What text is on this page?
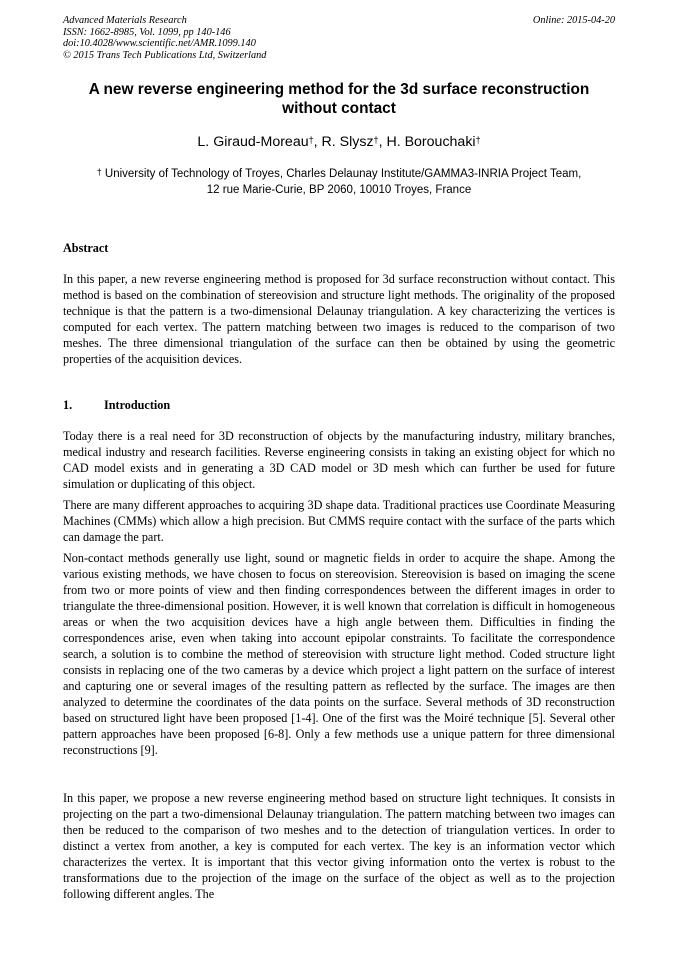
Advanced Materials Research
ISSN: 1662-8985, Vol. 1099, pp 140-146
doi:10.4028/www.scientific.net/AMR.1099.140
© 2015 Trans Tech Publications Ltd, Switzerland
Online: 2015-04-20
A new reverse engineering method for the 3d surface reconstruction without contact
L. Giraud-Moreau†, R. Slysz†, H. Borouchaki†
† University of Technology of Troyes, Charles Delaunay Institute/GAMMA3-INRIA Project Team,
12 rue Marie-Curie, BP 2060, 10010 Troyes, France
Abstract

In this paper, a new reverse engineering method is proposed for 3d surface reconstruction without contact. This method is based on the combination of stereovision and structure light methods. The originality of the proposed technique is that the pattern is a two-dimensional Delaunay triangulation. A key characterizing the vertices is computed for each vertex. The pattern matching between two images is reduced to the comparison of two meshes. The three dimensional triangulation of the surface can then be obtained by using the geometric properties of the acquisition devices.

1.	Introduction

Today there is a real need for 3D reconstruction of objects by the manufacturing industry, military branches, medical industry and research facilities. Reverse engineering consists in taking an existing object for which no CAD model exists and in generating a 3D CAD model or 3D mesh which can further be used for future simulation or duplicating of this object.

There are many different approaches to acquiring 3D shape data. Traditional practices use Coordinate Measuring Machines (CMMs) which allow a high precision. But CMMS require contact with the surface of the parts which can damage the part.

Non-contact methods generally use light, sound or magnetic fields in order to acquire the shape. Among the various existing methods, we have chosen to focus on stereovision. Stereovision is based on imaging the scene from two or more points of view and then finding correspondences between the different images in order to triangulate the three-dimensional position. However, it is well known that correlation is difficult in homogeneous areas or when the two acquisition devices have a high angle between them. Difficulties in finding the correspondences arise, even when taking into account epipolar constraints. To facilitate the correspondence search, a solution is to combine the method of stereovision with structure light method. Coded structure light consists in replacing one of the two cameras by a device which project a light pattern on the surface of interest and capturing one or several images of the resulting pattern as reflected by the surface. The images are then analyzed to determine the coordinates of the data points on the surface. Several methods of 3D reconstruction based on structured light have been proposed [1-4]. One of the first was the Moiré technique [5]. Several other pattern approaches have been proposed [6-8]. Only a few methods use a unique pattern for three dimensional reconstructions [9].

In this paper, we propose a new reverse engineering method based on structure light techniques. It consists in projecting on the part a two-dimensional Delaunay triangulation. The pattern matching between two images can then be reduced to the comparison of two meshes and to the detection of triangulation vertices. In order to distinct a vertex from another, a key is computed for each vertex. The key is an information vector which characterizes the vertex. It is important that this vector giving information onto the vertex is robust to the transformations due to the projection of the image on the surface of the object as well as to the projection following different angles. The
